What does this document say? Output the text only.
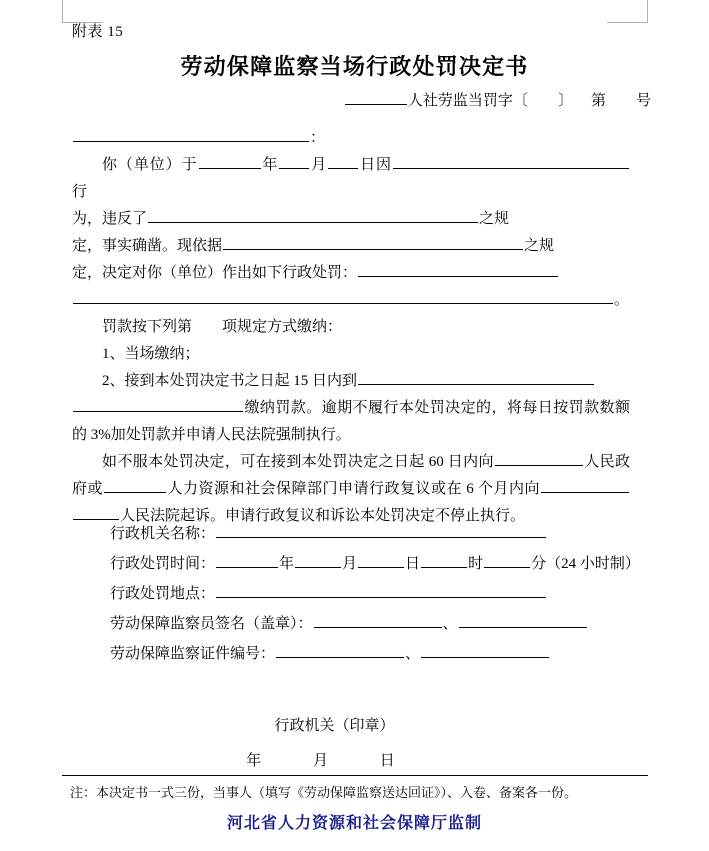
附表 15
劳动保障监察当场行政处罚决定书
人社劳监当罚字〔 〕 第 号
：

你（单位）于	年 月 日因行

为，违反了	之规

定，事实确凿。现依据	之规

定，决定对你（单位）作出如下行政处罚：

。

罚款按下列第 项规定方式缴纳：

1、当场缴纳；

2、接到本处罚决定书之日起 15 日内到

缴纳罚款。逾期不履行本处罚决定的，将每日按罚款数额的 3%加处罚款并申请人民法院强制执行。

如不服本处罚决定，可在接到本处罚决定之日起 60 日内向	人民政府或	人力资源和社会保障部门申请行政复议或在 6 个月内向人民法院起诉。申请行政复议和诉讼本处罚决定不停止执行。

行政机关名称：
行政处罚时间：	年	月	日	时	分（24 小时制）
行政处罚地点：
劳动保障监察员签名（盖章）：	、
劳动保障监察证件编号：	、
行政机关（印章）
年 月 日
注：本决定书一式三份，当事人（填写《劳动保障监察送达回证》）、入卷、备案各一份。
河北省人力资源和社会保障厅监制
